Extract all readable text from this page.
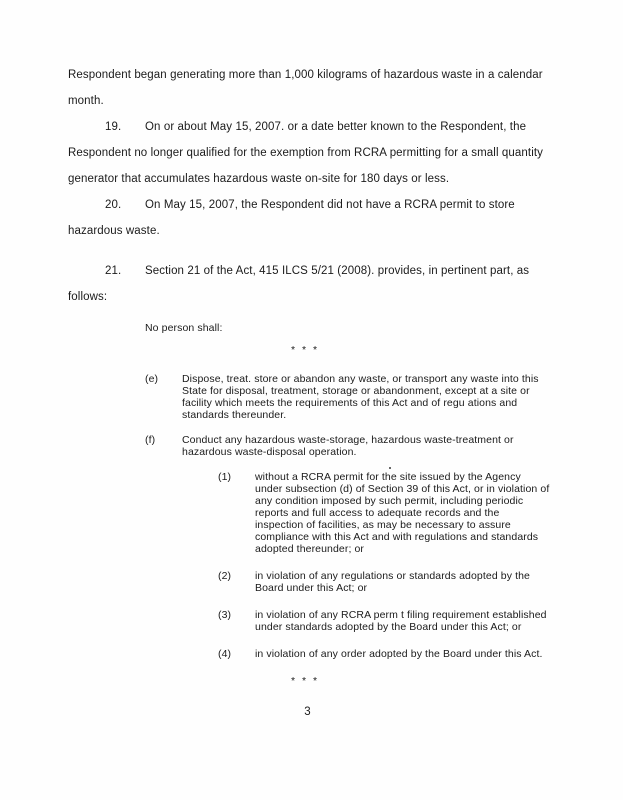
Respondent began generating more than 1,000 kilograms of hazardous waste in a calendar month.

19. On or about May 15, 2007. or a date better known to the Respondent, the Respondent no longer qualified for the exemption from RCRA permitting for a small quantity generator that accumulates hazardous waste on-site for 180 days or less.

20. On May 15, 2007, the Respondent did not have a RCRA permit to store hazardous waste.

21. Section 21 of the Act, 415 ILCS 5/21 (2008). provides, in pertinent part, as follows:

No person shall:
* * *
(e)	Dispose, treat. store or abandon any waste, or transport any waste into this State for disposal, treatment, storage or abandonment, except at a site or facility which meets the requirements of this Act and of regu ations and standards thereunder.
(f)	Conduct any hazardous waste-storage, hazardous waste-treatment or hazardous waste-disposal operation.
(1)	without a RCRA permit for the site issued by the Agency under subsection (d) of Section 39 of this Act, or in violation of any condition imposed by such permit, including periodic reports and full access to adequate records and the inspection of facilities, as may be necessary to assure compliance with this Act and with regulations and standards adopted thereunder; or
(2)	in violation of any regulations or standards adopted by the Board under this Act; or
(3)	in violation of any RCRA perm t filing requirement established under standards adopted by the Board under this Act; or
(4)	in violation of any order adopted by the Board under this Act.
* * *
3
